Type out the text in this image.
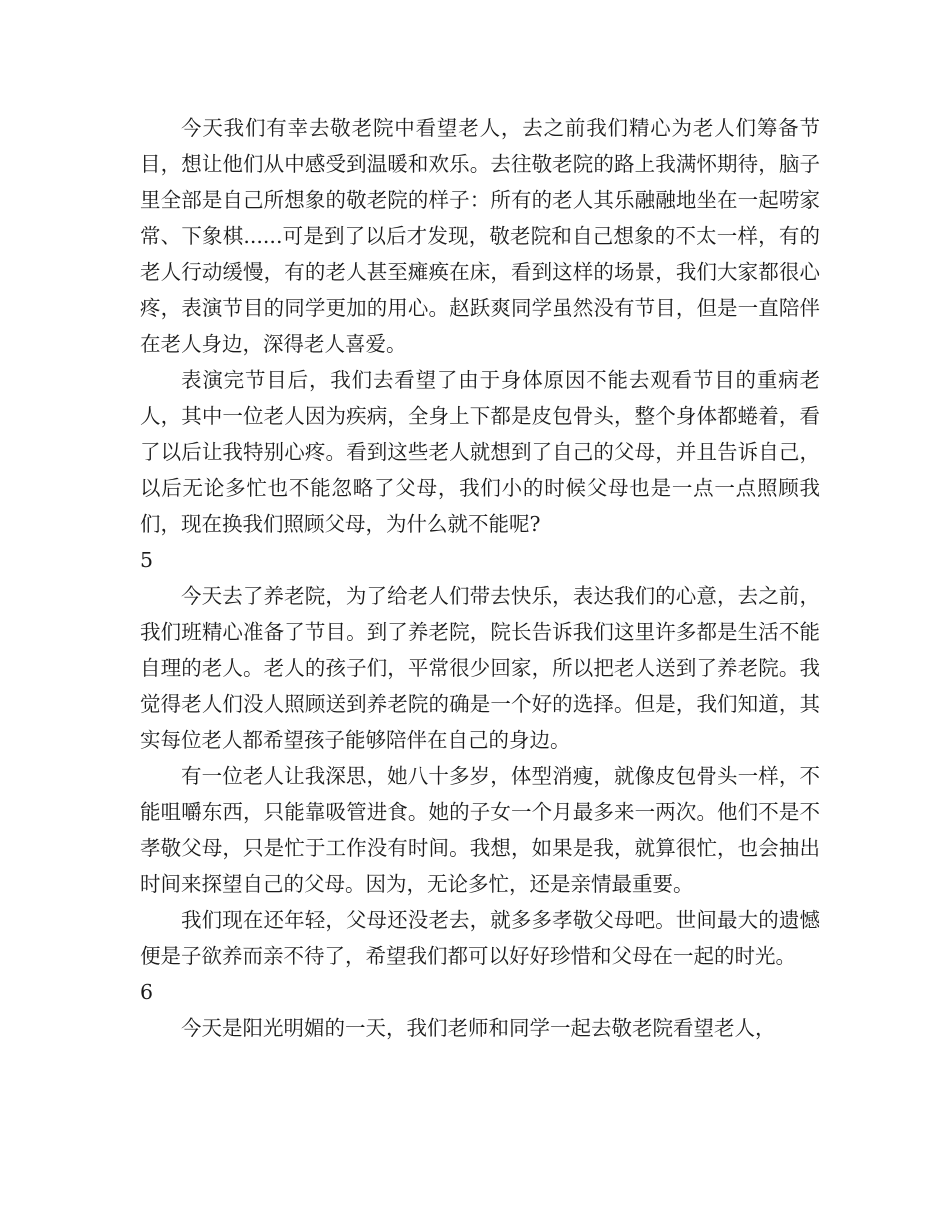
今天我们有幸去敬老院中看望老人，去之前我们精心为老人们筹备节目，想让他们从中感受到温暖和欢乐。去往敬老院的路上我满怀期待，脑子里全部是自己所想象的敬老院的样子：所有的老人其乐融融地坐在一起唠家常、下象棋......可是到了以后才发现，敬老院和自己想象的不太一样，有的老人行动缓慢，有的老人甚至瘫痪在床，看到这样的场景，我们大家都很心疼，表演节目的同学更加的用心。赵跃爽同学虽然没有节目，但是一直陪伴在老人身边，深得老人喜爱。

表演完节目后，我们去看望了由于身体原因不能去观看节目的重病老人，其中一位老人因为疾病，全身上下都是皮包骨头，整个身体都蜷着，看了以后让我特别心疼。看到这些老人就想到了自己的父母，并且告诉自己，以后无论多忙也不能忽略了父母，我们小的时候父母也是一点一点照顾我们，现在换我们照顾父母，为什么就不能呢?

5

今天去了养老院，为了给老人们带去快乐，表达我们的心意，去之前，我们班精心准备了节目。到了养老院，院长告诉我们这里许多都是生活不能自理的老人。老人的孩子们，平常很少回家，所以把老人送到了养老院。我觉得老人们没人照顾送到养老院的确是一个好的选择。但是，我们知道，其实每位老人都希望孩子能够陪伴在自己的身边。

有一位老人让我深思，她八十多岁，体型消瘦，就像皮包骨头一样，不能咀嚼东西，只能靠吸管进食。她的子女一个月最多来一两次。他们不是不孝敬父母，只是忙于工作没有时间。我想，如果是我，就算很忙，也会抽出时间来探望自己的父母。因为，无论多忙，还是亲情最重要。

我们现在还年轻，父母还没老去，就多多孝敬父母吧。世间最大的遗憾便是子欲养而亲不待了，希望我们都可以好好珍惜和父母在一起的时光。

6

今天是阳光明媚的一天，我们老师和同学一起去敬老院看望老人，
